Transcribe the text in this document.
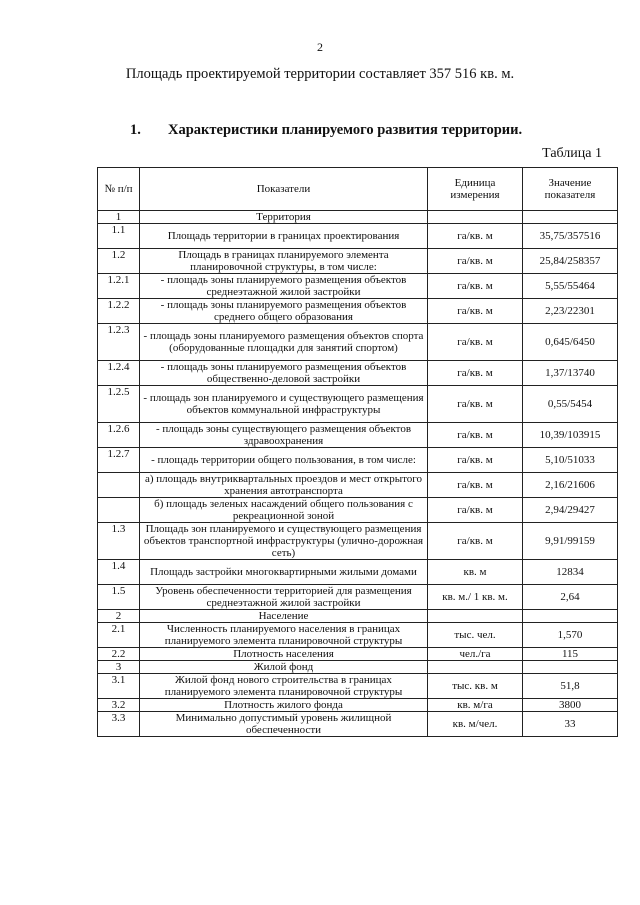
2
Площадь проектируемой территории составляет 357 516 кв. м.
1. Характеристики планируемого развития территории.
Таблица 1
№ п/п	Показатели	Единица измерения	Значение показателя
1	Территория		
1.1	Площадь территории в границах проектирования	га/кв. м	35,75/357516
1.2	Площадь в границах планируемого элемента планировочной структуры, в том числе:	га/кв. м	25,84/258357
1.2.1	- площадь зоны планируемого размещения объектов среднеэтажной жилой застройки	га/кв. м	5,55/55464
1.2.2	- площадь зоны планируемого размещения объектов среднего общего образования	га/кв. м	2,23/22301
1.2.3	- площадь зоны планируемого размещения объектов спорта (оборудованные площадки для занятий спортом)	га/кв. м	0,645/6450
1.2.4	- площадь зоны планируемого размещения объектов общественно-деловой застройки	га/кв. м	1,37/13740
1.2.5	- площадь зон планируемого и существующего размещения объектов коммунальной инфраструктуры	га/кв. м	0,55/5454
1.2.6	- площадь зоны существующего размещения объектов здравоохранения	га/кв. м	10,39/103915
1.2.7	- площадь территории общего пользования, в том числе:	га/кв. м	5,10/51033
	а) площадь внутриквартальных проездов и мест открытого хранения автотранспорта	га/кв. м	2,16/21606
	б) площадь зеленых насаждений общего пользования с рекреационной зоной	га/кв. м	2,94/29427
1.3	Площадь зон планируемого и существующего размещения объектов транспортной инфраструктуры (улично-дорожная сеть)	га/кв. м	9,91/99159
1.4	Площадь застройки многоквартирными жилыми домами	кв. м	12834
1.5	Уровень обеспеченности территорией для размещения среднеэтажной жилой застройки	кв. м./ 1 кв. м.	2,64
2	Население		
2.1	Численность планируемого населения в границах планируемого элемента планировочной структуры	тыс. чел.	1,570
2.2	Плотность населения	чел./га	115
3	Жилой фонд		
3.1	Жилой фонд нового строительства в границах планируемого элемента планировочной структуры	тыс. кв. м	51,8
3.2	Плотность жилого фонда	кв. м/га	3800
3.3	Минимально допустимый уровень жилищной обеспеченности	кв. м/чел.	33
